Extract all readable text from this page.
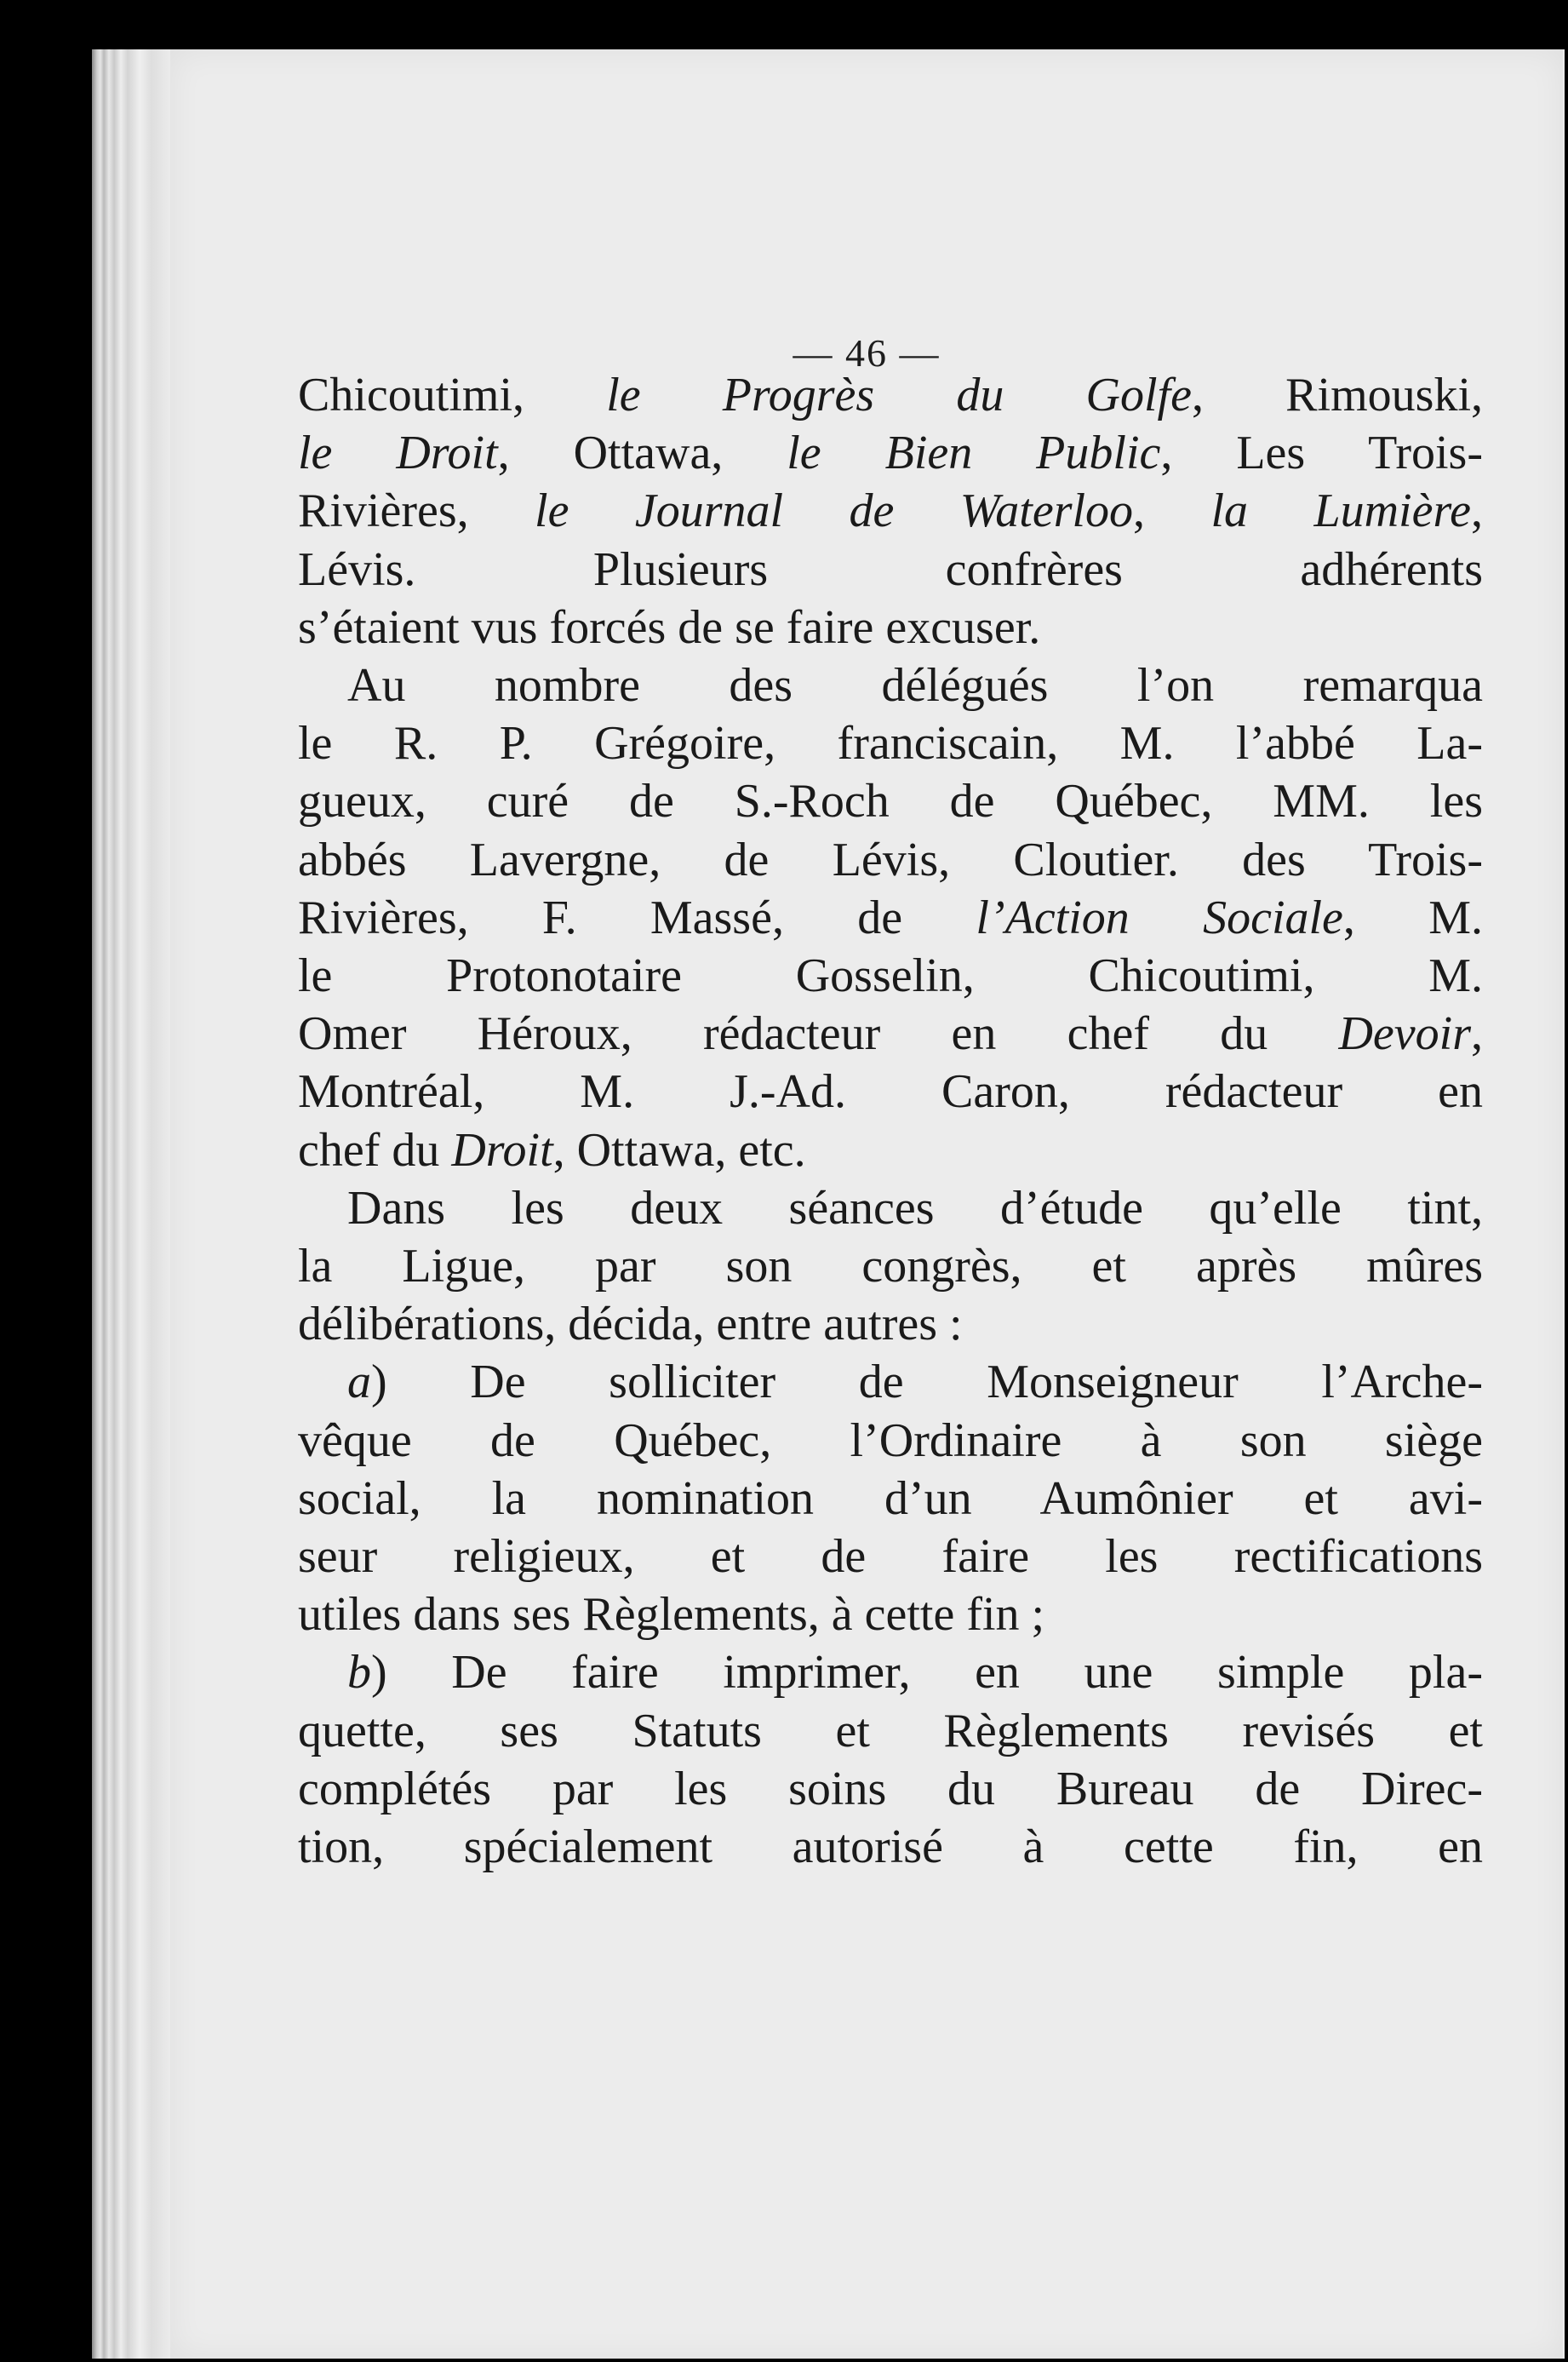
— 46 —
Chicoutimi, le Progrès du Golfe, Rimouski,
le Droit, Ottawa, le Bien Public, Les Trois-
Rivières, le Journal de Waterloo, la Lumière,
Lévis. Plusieurs confrères adhérents
s’étaient vus forcés de se faire excuser.
Au nombre des délégués l’on remarqua
le R. P. Grégoire, franciscain, M. l’abbé La-
gueux, curé de S.-Roch de Québec, MM. les
abbés Lavergne, de Lévis, Cloutier. des Trois-
Rivières, F. Massé, de l’Action Sociale, M.
le Protonotaire Gosselin, Chicoutimi, M.
Omer Héroux, rédacteur en chef du Devoir,
Montréal, M. J.-Ad. Caron, rédacteur en
chef du Droit, Ottawa, etc.
Dans les deux séances d’étude qu’elle tint,
la Ligue, par son congrès, et après mûres
délibérations, décida, entre autres :
a) De solliciter de Monseigneur l’Arche-
vêque de Québec, l’Ordinaire à son siège
social, la nomination d’un Aumônier et avi-
seur religieux, et de faire les rectifications
utiles dans ses Règlements, à cette fin ;
b) De faire imprimer, en une simple pla-
quette, ses Statuts et Règlements revisés et
complétés par les soins du Bureau de Direc-
tion, spécialement autorisé à cette fin, en
